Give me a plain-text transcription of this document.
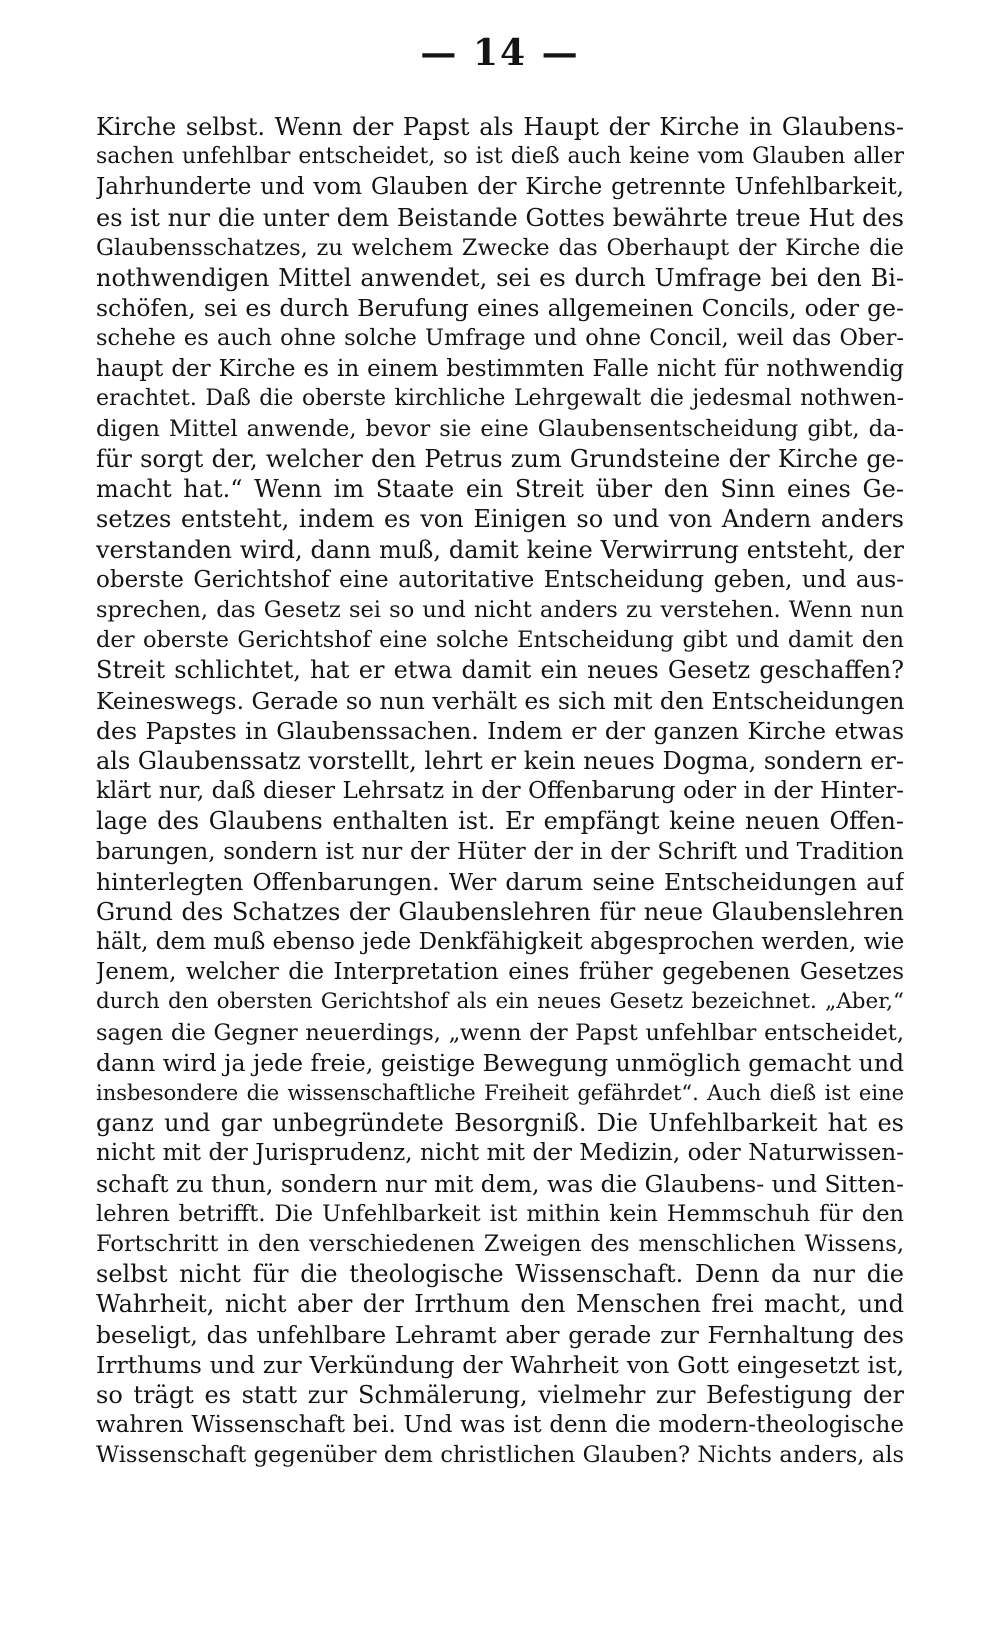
— 14 —
Kirche selbst. Wenn der Papst als Haupt der Kirche in Glaubens-
sachen unfehlbar entscheidet, so ist dieß auch keine vom Glauben aller
Jahrhunderte und vom Glauben der Kirche getrennte Unfehlbarkeit,
es ist nur die unter dem Beistande Gottes bewährte treue Hut des
Glaubensschatzes, zu welchem Zwecke das Oberhaupt der Kirche die
nothwendigen Mittel anwendet, sei es durch Umfrage bei den Bi-
schöfen, sei es durch Berufung eines allgemeinen Concils, oder ge-
schehe es auch ohne solche Umfrage und ohne Concil, weil das Ober-
haupt der Kirche es in einem bestimmten Falle nicht für nothwendig
erachtet. Daß die oberste kirchliche Lehrgewalt die jedesmal nothwen-
digen Mittel anwende, bevor sie eine Glaubensentscheidung gibt, da-
für sorgt der, welcher den Petrus zum Grundsteine der Kirche ge-
macht hat.“ Wenn im Staate ein Streit über den Sinn eines Ge-
setzes entsteht, indem es von Einigen so und von Andern anders
verstanden wird, dann muß, damit keine Verwirrung entsteht, der
oberste Gerichtshof eine autoritative Entscheidung geben, und aus-
sprechen, das Gesetz sei so und nicht anders zu verstehen. Wenn nun
der oberste Gerichtshof eine solche Entscheidung gibt und damit den
Streit schlichtet, hat er etwa damit ein neues Gesetz geschaffen?
Keineswegs. Gerade so nun verhält es sich mit den Entscheidungen
des Papstes in Glaubenssachen. Indem er der ganzen Kirche etwas
als Glaubenssatz vorstellt, lehrt er kein neues Dogma, sondern er-
klärt nur, daß dieser Lehrsatz in der Offenbarung oder in der Hinter-
lage des Glaubens enthalten ist. Er empfängt keine neuen Offen-
barungen, sondern ist nur der Hüter der in der Schrift und Tradition
hinterlegten Offenbarungen. Wer darum seine Entscheidungen auf
Grund des Schatzes der Glaubenslehren für neue Glaubenslehren
hält, dem muß ebenso jede Denkfähigkeit abgesprochen werden, wie
Jenem, welcher die Interpretation eines früher gegebenen Gesetzes
durch den obersten Gerichtshof als ein neues Gesetz bezeichnet. „Aber,“
sagen die Gegner neuerdings, „wenn der Papst unfehlbar entscheidet,
dann wird ja jede freie, geistige Bewegung unmöglich gemacht und
insbesondere die wissenschaftliche Freiheit gefährdet“. Auch dieß ist eine
ganz und gar unbegründete Besorgniß. Die Unfehlbarkeit hat es
nicht mit der Jurisprudenz, nicht mit der Medizin, oder Naturwissen-
schaft zu thun, sondern nur mit dem, was die Glaubens- und Sitten-
lehren betrifft. Die Unfehlbarkeit ist mithin kein Hemmschuh für den
Fortschritt in den verschiedenen Zweigen des menschlichen Wissens,
selbst nicht für die theologische Wissenschaft. Denn da nur die
Wahrheit, nicht aber der Irrthum den Menschen frei macht, und
beseligt, das unfehlbare Lehramt aber gerade zur Fernhaltung des
Irrthums und zur Verkündung der Wahrheit von Gott eingesetzt ist,
so trägt es statt zur Schmälerung, vielmehr zur Befestigung der
wahren Wissenschaft bei. Und was ist denn die modern-theologische
Wissenschaft gegenüber dem christlichen Glauben? Nichts anders, als
